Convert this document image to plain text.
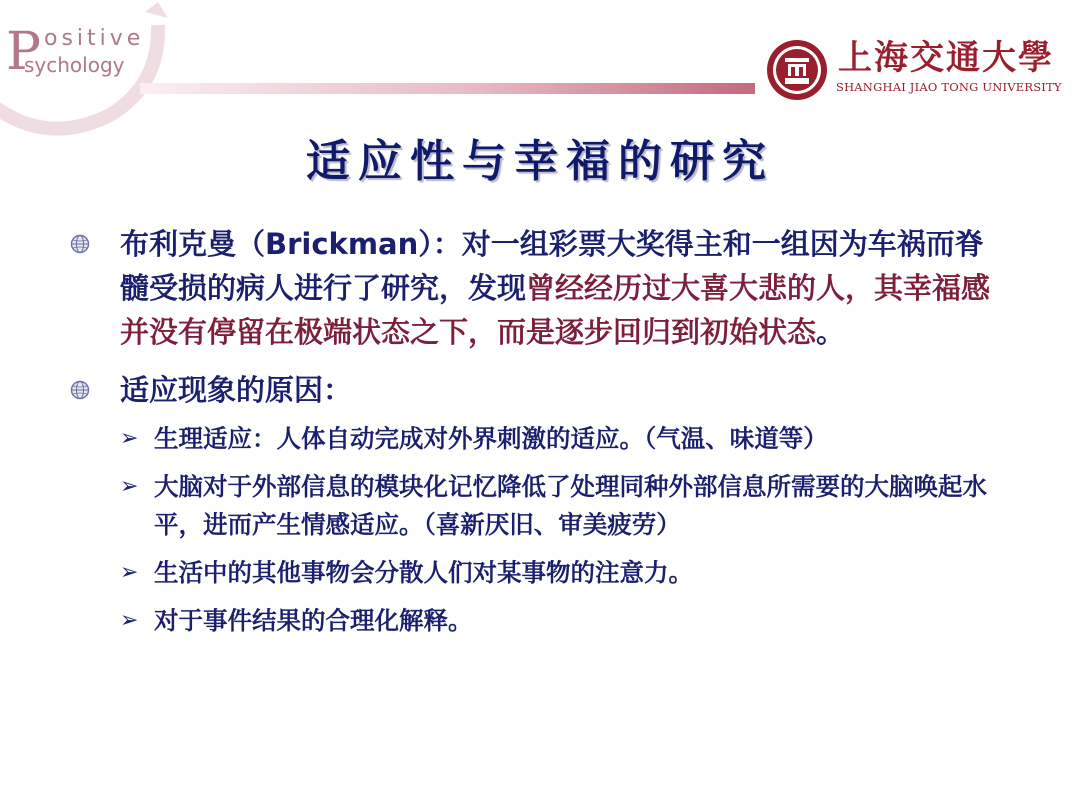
P ositive
sychology	上海交通大學
SHANGHAI JIAO TONG UNIVERSITY
适应性与幸福的研究
布利克曼（Brickman）：对一组彩票大奖得主和一组因为车祸而脊髓受损的病人进行了研究，发现曾经经历过大喜大悲的人，其幸福感并没有停留在极端状态之下，而是逐步回归到初始状态。
适应现象的原因：
➢ 生理适应：人体自动完成对外界刺激的适应。（气温、味道等）
➢ 大脑对于外部信息的模块化记忆降低了处理同种外部信息所需要的大脑唤起水平，进而产生情感适应。（喜新厌旧、审美疲劳）
➢ 生活中的其他事物会分散人们对某事物的注意力。
➢ 对于事件结果的合理化解释。
